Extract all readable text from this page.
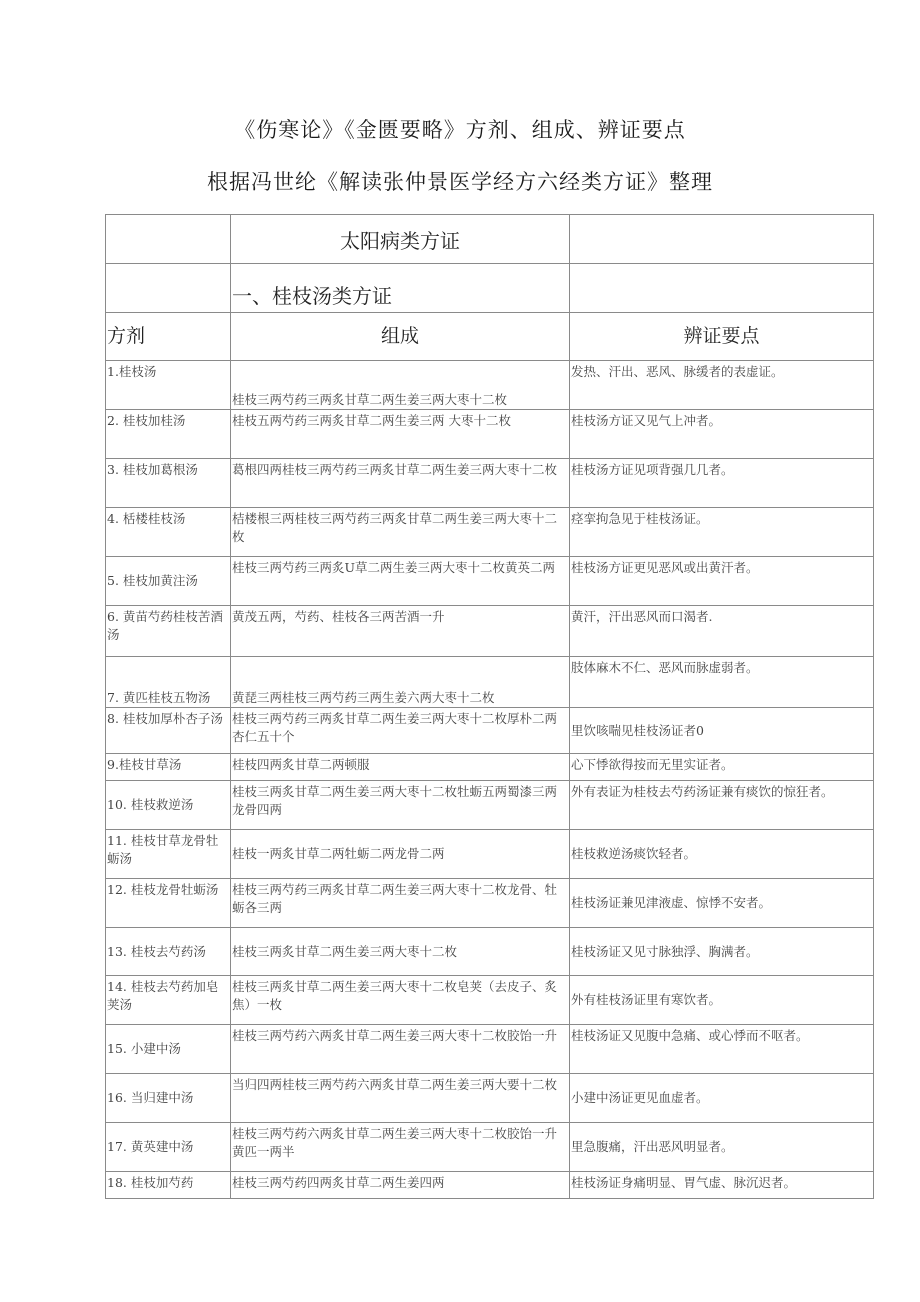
《伤寒论》《金匮要略》方剂、组成、辨证要点
根据冯世纶《解读张仲景医学经方六经类方证》整理

	太阳病类方证	

	一、桂枝汤类方证	

方剂	组成	辨证要点

1.桂枝汤	桂枝三两芍药三两炙甘草二两生姜三两大枣十二枚	发热、汗出、恶风、脉缓者的表虚证。
2. 桂枝加桂汤	桂枝五两芍药三两炙甘草二两生姜三两 大枣十二枚	桂枝汤方证又见气上冲者。
3. 桂枝加葛根汤	葛根四两桂枝三两芍药三两炙甘草二两生姜三两大枣十二枚	桂枝汤方证见项背强几几者。
4. 栝楼桂枝汤	桔楼根三两桂枝三两芍药三两炙甘草二两生姜三两大枣十二枚	痉挛拘急见于桂枝汤证。
5. 桂枝加黄注汤	桂枝三两芍药三两炙U草二两生姜三两大枣十二枚黄英二两	桂枝汤方证更见恶风或出黄汗者。
6. 黄苗芍药桂枝苦酒汤	黄茂五两，芍药、桂枝各三两苦酒一升	黄汗，汗出恶风而口渴者.
7. 黄匹桂枝五物汤	黄琵三两桂枝三两芍药三两生姜六两大枣十二枚	肢体麻木不仁、恶风而脉虚弱者。
8. 桂枝加厚朴杏子汤	桂枝三两芍药三两炙甘草二两生姜三两大枣十二枚厚朴二两杏仁五十个	里饮咳喘见桂枝汤证者0
9.桂枝甘草汤	桂枝四两炙甘草二两顿服	心下悸欲得按而无里实证者。
10. 桂枝救逆汤	桂枝三两炙甘草二两生姜三两大枣十二枚牡蛎五两蜀漆三两龙骨四两	外有表证为桂枝去芍药汤证兼有痰饮的惊狂者。
11. 桂枝甘草龙骨牡蛎汤	桂枝一两炙甘草二两牡蛎二两龙骨二两	桂枝救逆汤痰饮轻者。
12. 桂枝龙骨牡蛎汤	桂枝三两芍药三两炙甘草二两生姜三两大枣十二枚龙骨、牡蛎各三两	桂枝汤证兼见津液虚、惊悸不安者。
13. 桂枝去芍药汤	桂枝三两炙甘草二两生姜三两大枣十二枚	桂枝汤证又见寸脉独浮、胸满者。
14. 桂枝去芍药加皂荚汤	桂枝三两炙甘草二两生姜三两大枣十二枚皂荚（去皮子、炙焦）一枚	外有桂枝汤证里有寒饮者。
15. 小建中汤	桂枝三两芍药六两炙甘草二两生姜三两大枣十二枚胶饴一升	桂枝汤证又见腹中急痛、或心悸而不呕者。
16. 当归建中汤	当归四两桂枝三两芍药六两炙甘草二两生姜三两大要十二枚	小建中汤证更见血虚者。
17. 黄英建中汤	桂枝三两芍药六两炙甘草二两生姜三两大枣十二枚胶饴一升黄匹一两半	里急腹痛，汗出恶风明显者。
18. 桂枝加芍药	桂枝三两芍药四两炙甘草二两生姜四两	桂枝汤证身痛明显、胃气虚、脉沉迟者。
